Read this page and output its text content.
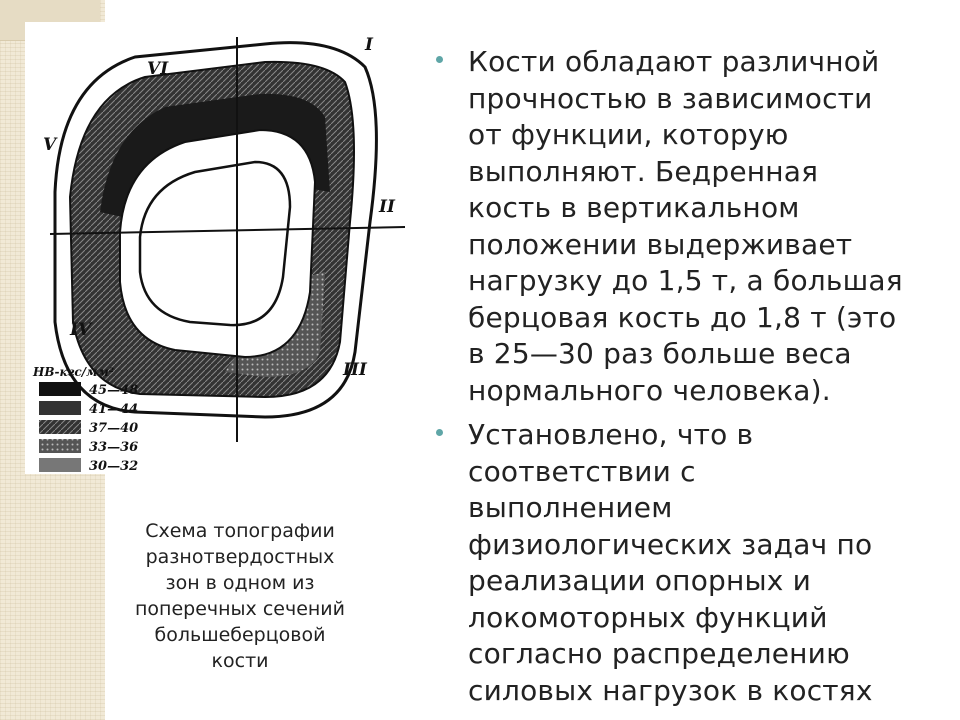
VI
I
V
II
IV
III
НВ-кгс/мм²
45—48
41—44
37—40
33—36
30—32
Схема топографии
разнотвердостных
зон в одном из
поперечных сечений
большеберцовой
кости
Кости обладают различной
прочностью в зависимости
от функции, которую
выполняют. Бедренная
кость в вертикальном
положении выдерживает
нагрузку до 1,5 т, а большая
берцовая кость до 1,8 т (это
в 25—30 раз больше веса
нормального человека).
Установлено, что в
соответствии с
выполнением
физиологических задач по
реализации опорных и
локомоторных функций
согласно распределению
силовых нагрузок в костях
